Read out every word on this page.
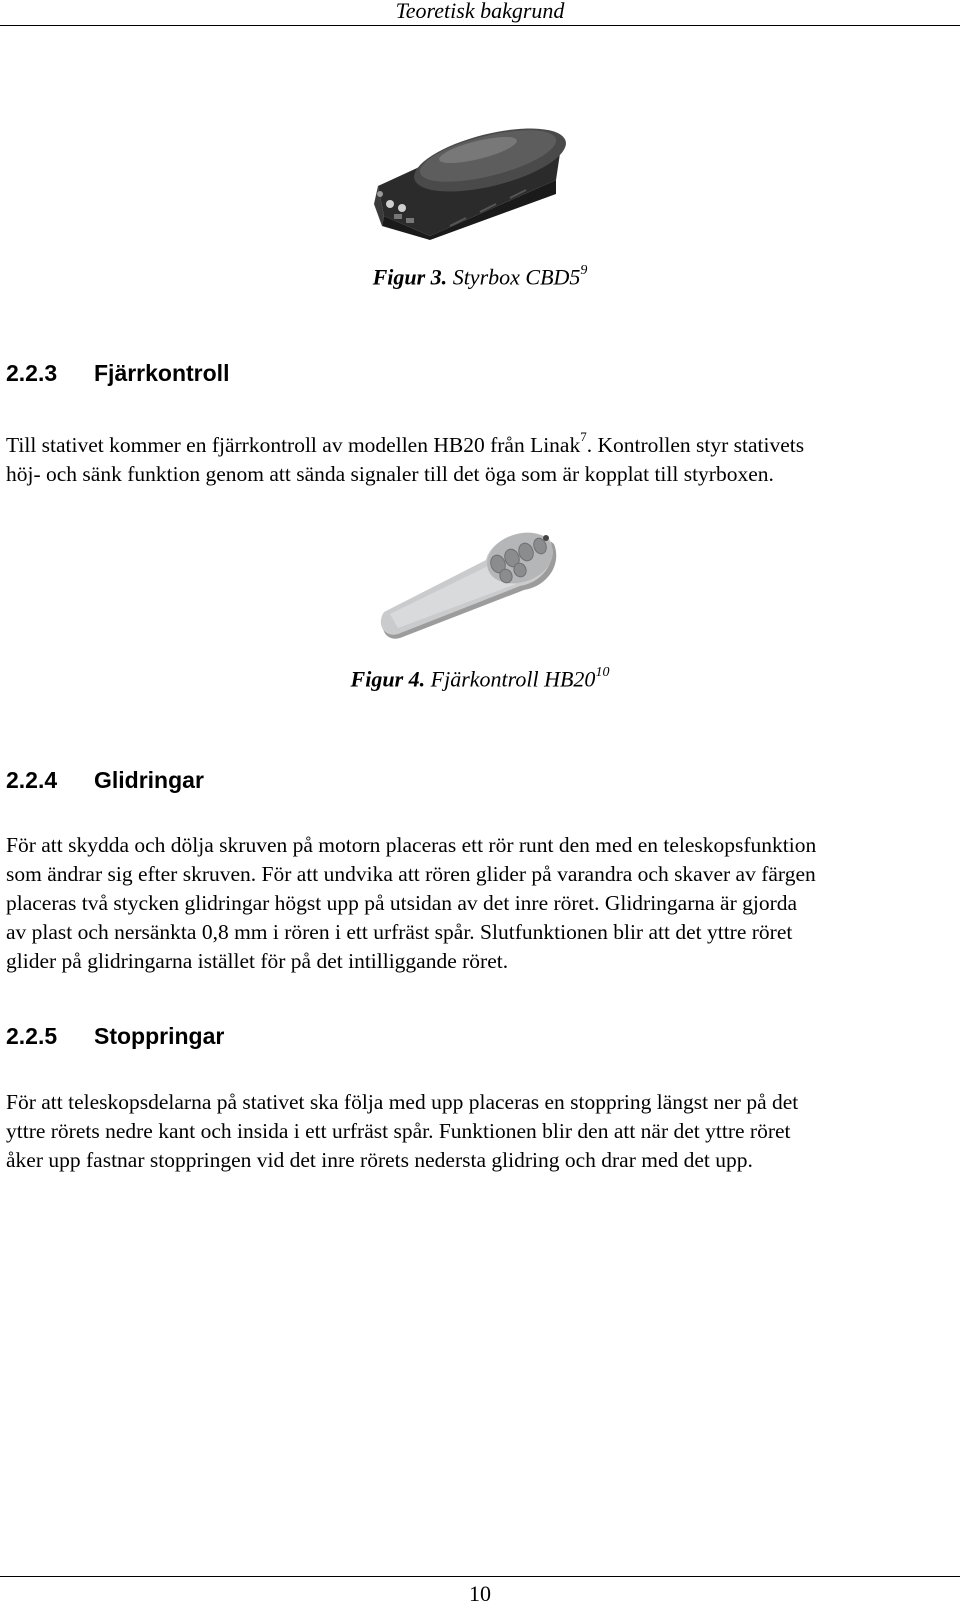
Teoretisk bakgrund
Figur 3. Styrbox $CBD5^9$
2.2.3 Fjärrkontroll
Till stativet kommer en fjärrkontroll av modellen HB20 från Linak$^7$. Kontrollen styr stativets
höj- och sänk funktion genom att sända signaler till det öga som är kopplat till styrboxen.
Figur 4. Fjärkontroll $HB20^{10}$
2.2.4 Glidringar
För att skydda och dölja skruven på motorn placeras ett rör runt den med en teleskopsfunktion
som ändrar sig efter skruven. För att undvika att rören glider på varandra och skaver av färgen
placeras två stycken glidringar högst upp på utsidan av det inre röret. Glidringarna är gjorda
av plast och nersänkta 0,8 mm i rören i ett urfräst spår. Slutfunktionen blir att det yttre röret
glider på glidringarna istället för på det intilliggande röret.
2.2.5 Stoppringar
För att teleskopsdelarna på stativet ska följa med upp placeras en stoppring längst ner på det
yttre rörets nedre kant och insida i ett urfräst spår. Funktionen blir den att när det yttre röret
åker upp fastnar stoppringen vid det inre rörets nedersta glidring och drar med det upp.
10
